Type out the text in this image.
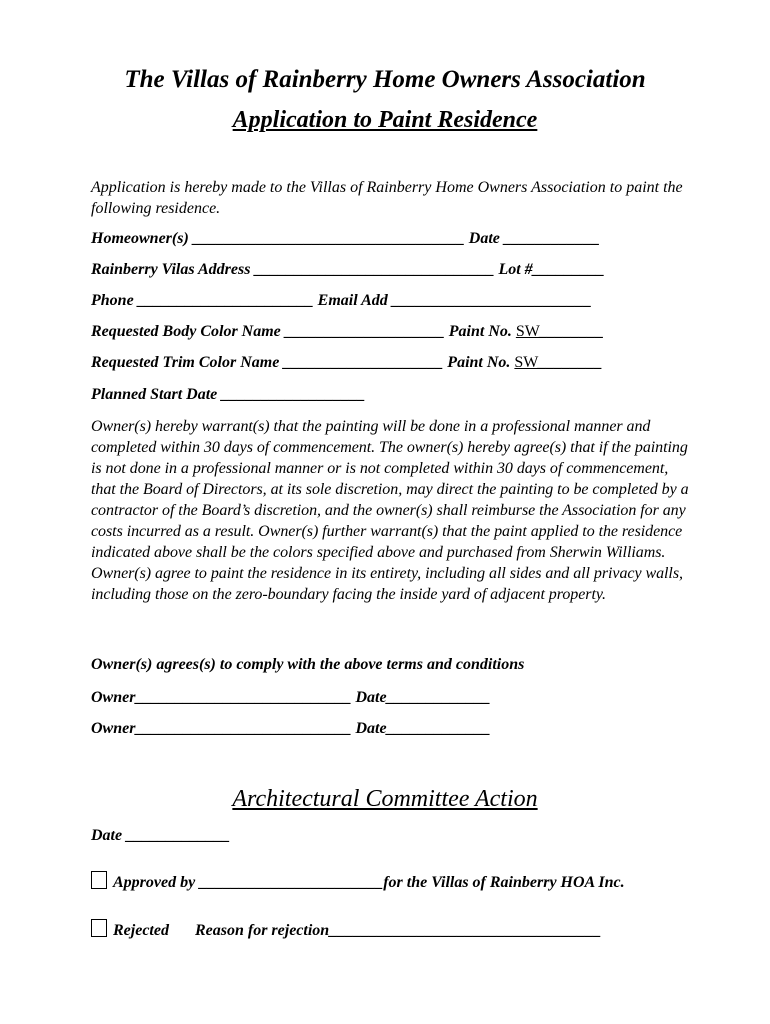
The Villas of Rainberry Home Owners Association
Application to Paint Residence
Application is hereby made to the Villas of Rainberry Home Owners Association to paint the following residence.
Homeowner(s) __________________________________ Date ____________
Rainberry Vilas Address ______________________________ Lot #_________
Phone ______________________ Email Add _________________________
Requested Body Color Name ____________________ Paint No. SW________
Requested Trim Color Name ____________________ Paint No. SW________
Planned Start Date __________________
Owner(s) hereby warrant(s) that the painting will be done in a professional manner and completed within 30 days of commencement. The owner(s) hereby agree(s) that if the painting is not done in a professional manner or is not completed within 30 days of commencement, that the Board of Directors, at its sole discretion, may direct the painting to be completed by a contractor of the Board’s discretion, and the owner(s) shall reimburse the Association for any costs incurred as a result. Owner(s) further warrant(s) that the paint applied to the residence indicated above shall be the colors specified above and purchased from Sherwin Williams. Owner(s) agree to paint the residence in its entirety, including all sides and all privacy walls, including those on the zero-boundary facing the inside yard of adjacent property.
Owner(s) agrees(s) to comply with the above terms and conditions
Owner___________________________ Date_____________
Owner___________________________ Date_____________
Architectural Committee Action
Date _____________
Approved by _______________________for the Villas of Rainberry HOA Inc.
Rejected Reason for rejection__________________________________
